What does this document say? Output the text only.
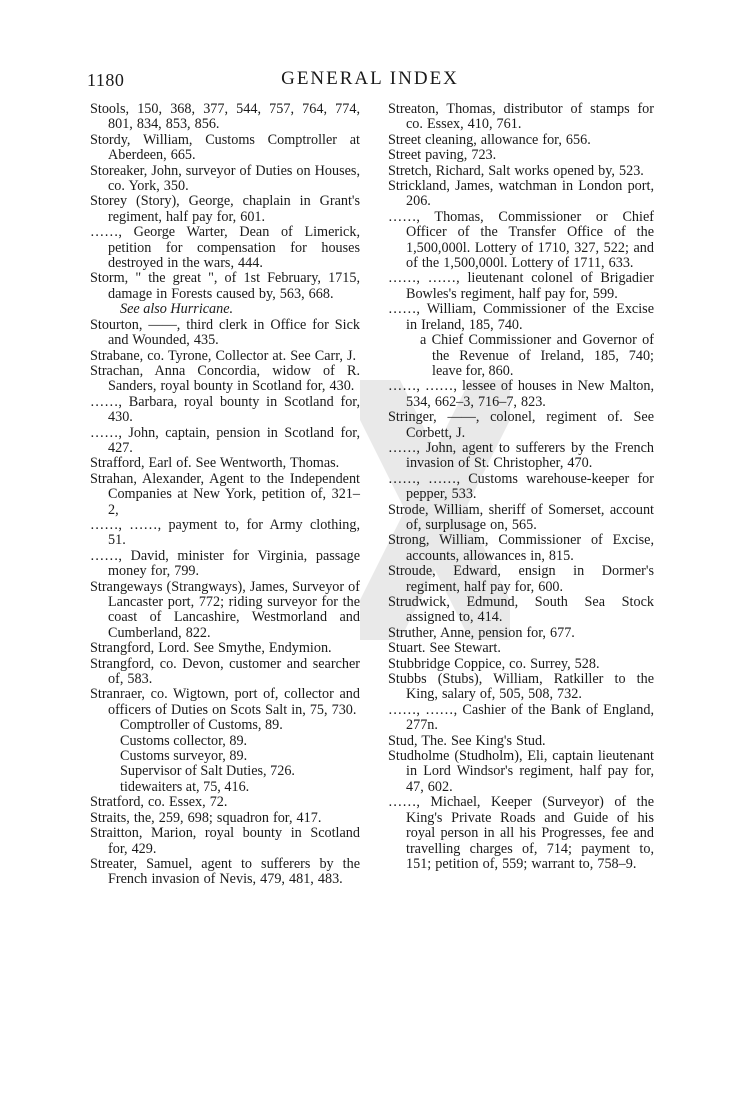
1180	GENERAL INDEX

Stools, 150, 368, 377, 544, 757, 764, 774, 801, 834, 853, 856.

Stordy, William, Customs Comptroller at Aberdeen, 665.

Storeaker, John, surveyor of Duties on Houses, co. York, 350.

Storey (Story), George, chaplain in Grant's regiment, half pay for, 601.

……, George Warter, Dean of Limerick, petition for compensation for houses destroyed in the wars, 444.

Storm, " the great ", of 1st February, 1715, damage in Forests caused by, 563, 668.

See also Hurricane.

Stourton, ——, third clerk in Office for Sick and Wounded, 435.

Strabane, co. Tyrone, Collector at. See Carr, J.

Strachan, Anna Concordia, widow of R. Sanders, royal bounty in Scotland for, 430.

……, Barbara, royal bounty in Scotland for, 430.

……, John, captain, pension in Scotland for, 427.

Strafford, Earl of. See Wentworth, Thomas.

Strahan, Alexander, Agent to the Independent Companies at New York, petition of, 321–2,

……, ……, payment to, for Army clothing, 51.

……, David, minister for Virginia, passage money for, 799.

Strangeways (Strangways), James, Surveyor of Lancaster port, 772; riding surveyor for the coast of Lancashire, Westmorland and Cumberland, 822.

Strangford, Lord. See Smythe, Endymion.

Strangford, co. Devon, customer and searcher of, 583.

Stranraer, co. Wigtown, port of, collector and officers of Duties on Scots Salt in, 75, 730.

Comptroller of Customs, 89.

Customs collector, 89.

Customs surveyor, 89.

Supervisor of Salt Duties, 726.

tidewaiters at, 75, 416.

Stratford, co. Essex, 72.

Straits, the, 259, 698; squadron for, 417.

Straitton, Marion, royal bounty in Scotland for, 429.

Streater, Samuel, agent to sufferers by the French invasion of Nevis, 479, 481, 483.

Streaton, Thomas, distributor of stamps for co. Essex, 410, 761.

Street cleaning, allowance for, 656.

Street paving, 723.

Stretch, Richard, Salt works opened by, 523.

Strickland, James, watchman in London port, 206.

……, Thomas, Commissioner or Chief Officer of the Transfer Office of the 1,500,000l. Lottery of 1710, 327, 522; and of the 1,500,000l. Lottery of 1711, 633.

……, ……, lieutenant colonel of Brigadier Bowles's regiment, half pay for, 599.

……, William, Commissioner of the Excise in Ireland, 185, 740.

a Chief Commissioner and Governor of the Revenue of Ireland, 185, 740; leave for, 860.

……, ……, lessee of houses in New Malton, 534, 662–3, 716–7, 823.

Stringer, ——, colonel, regiment of. See Corbett, J.

……, John, agent to sufferers by the French invasion of St. Christopher, 470.

……, ……, Customs warehouse-keeper for pepper, 533.

Strode, William, sheriff of Somerset, account of, surplusage on, 565.

Strong, William, Commissioner of Excise, accounts, allowances in, 815.

Stroude, Edward, ensign in Dormer's regiment, half pay for, 600.

Strudwick, Edmund, South Sea Stock assigned to, 414.

Struther, Anne, pension for, 677.

Stuart. See Stewart.

Stubbridge Coppice, co. Surrey, 528.

Stubbs (Stubs), William, Ratkiller to the King, salary of, 505, 508, 732.

……, ……, Cashier of the Bank of England, 277n.

Stud, The. See King's Stud.

Studholme (Studholm), Eli, captain lieutenant in Lord Windsor's regiment, half pay for, 47, 602.

……, Michael, Keeper (Surveyor) of the King's Private Roads and Guide of his royal person in all his Progresses, fee and travelling charges of, 714; payment to, 151; petition of, 559; warrant to, 758–9.
